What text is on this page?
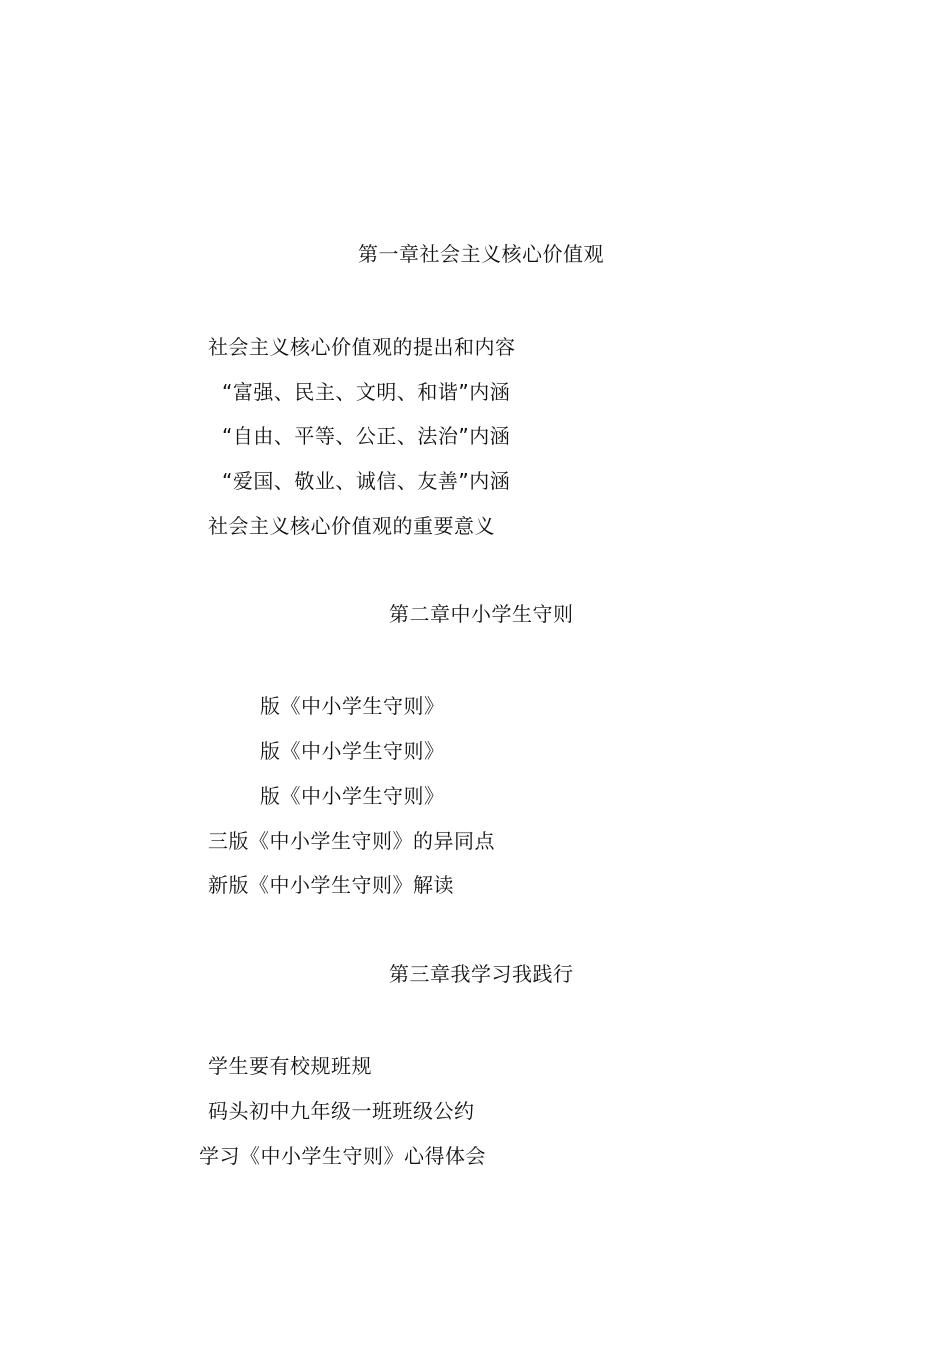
第一章社会主义核心价值观
社会主义核心价值观的提出和内容
“富强、民主、文明、和谐”内涵
“自由、平等、公正、法治”内涵
“爱国、敬业、诚信、友善”内涵
社会主义核心价值观的重要意义
第二章中小学生守则
版《中小学生守则》
版《中小学生守则》
版《中小学生守则》
三版《中小学生守则》的异同点
新版《中小学生守则》解读
第三章我学习我践行
学生要有校规班规
码头初中九年级一班班级公约
学习《中小学生守则》心得体会
